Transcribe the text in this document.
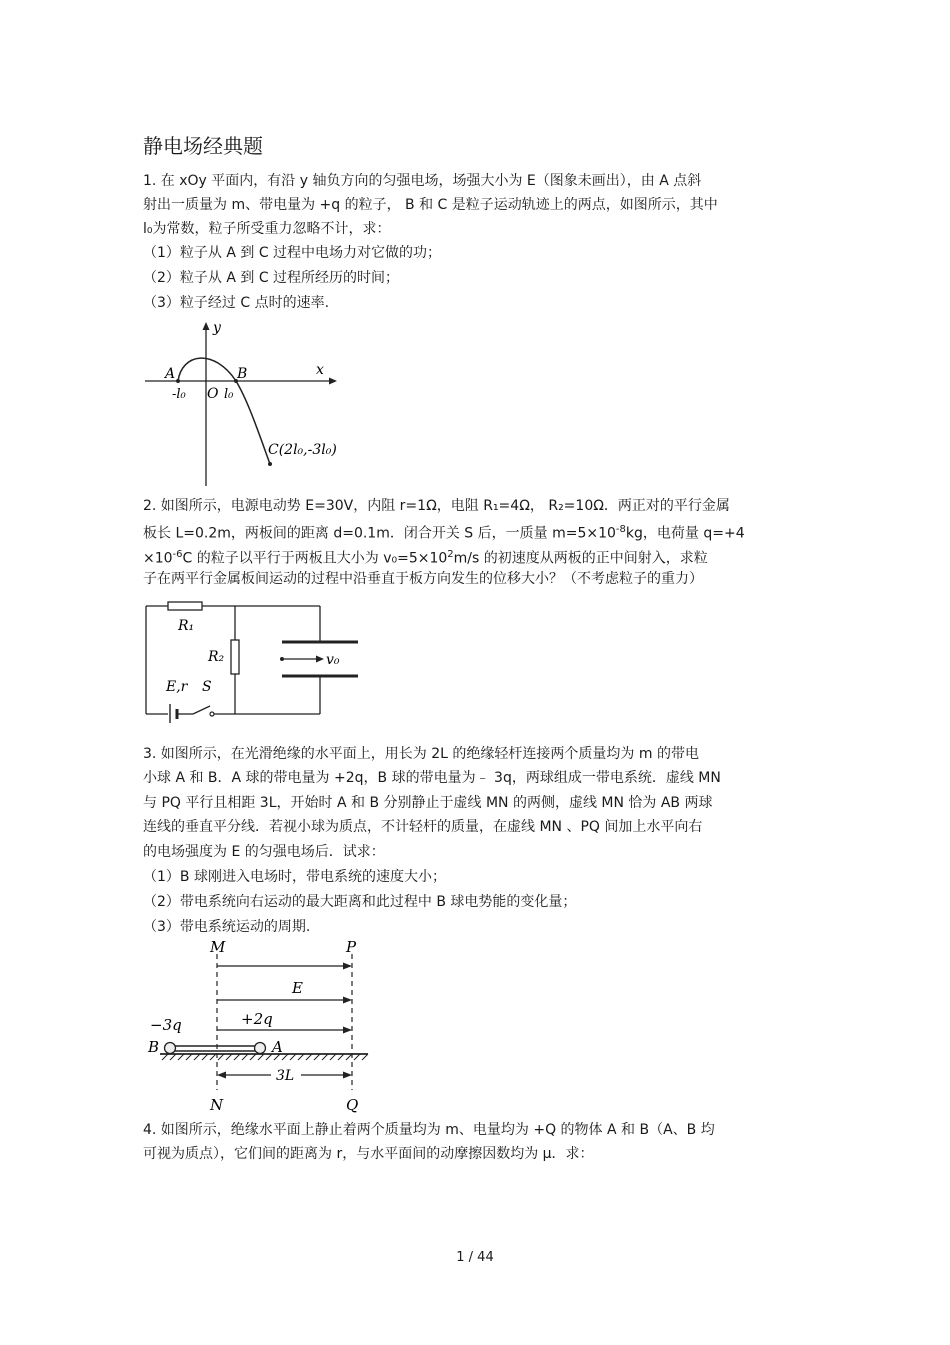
静电场经典题
1. 在 xOy 平面内，有沿 y 轴负方向的匀强电场，场强大小为 E（图象未画出），由 A 点斜
射出一质量为 m、带电量为 +q 的粒子， B 和 C 是粒子运动轨迹上的两点，如图所示，其中
l₀为常数，粒子所受重力忽略不计，求：
（1）粒子从 A 到 C 过程中电场力对它做的功；
（2）粒子从 A 到 C 过程所经历的时间；
（3）粒子经过 C 点时的速率.
y
x
A	B
-l₀ O l₀
C(2l₀,-3l₀)
2. 如图所示，电源电动势 E=30V，内阻 r=1Ω，电阻 R₁=4Ω， R₂=10Ω．两正对的平行金属
板长 L=0.2m，两板间的距离 d=0.1m．闭合开关 S 后，一质量 $m=5\times 10^{-8}kg$，电荷量 q=+4
$\times 10^{-6}C$ 的粒子以平行于两板且大小为 $v_0=5\times 10^2m/s$ 的初速度从两板的正中间射入，求粒
子在两平行金属板间运动的过程中沿垂直于板方向发生的位移大小？（不考虑粒子的重力）
R₁
R₂
E,r S
v₀
3. 如图所示，在光滑绝缘的水平面上，用长为 2L 的绝缘轻杆连接两个质量均为 m 的带电
小球 A 和 B．A 球的带电量为 +2q，B 球的带电量为﹣ 3q，两球组成一带电系统．虚线 MN
与 PQ 平行且相距 3L，开始时 A 和 B 分别静止于虚线 MN 的两侧，虚线 MN 恰为 AB 两球
连线的垂直平分线．若视小球为质点，不计轻杆的质量，在虚线 MN 、PQ 间加上水平向右
的电场强度为 E 的匀强电场后．试求：
（1）B 球刚进入电场时，带电系统的速度大小；
（2）带电系统向右运动的最大距离和此过程中 B 球电势能的变化量；
（3）带电系统运动的周期.
M	P
E
−3q	+2q
B	A
3L
N	Q
4. 如图所示，绝缘水平面上静止着两个质量均为 m、电量均为 +Q 的物体 A 和 B（A、B 均
可视为质点），它们间的距离为 r，与水平面间的动摩擦因数均为 μ．求：
1 / 44
